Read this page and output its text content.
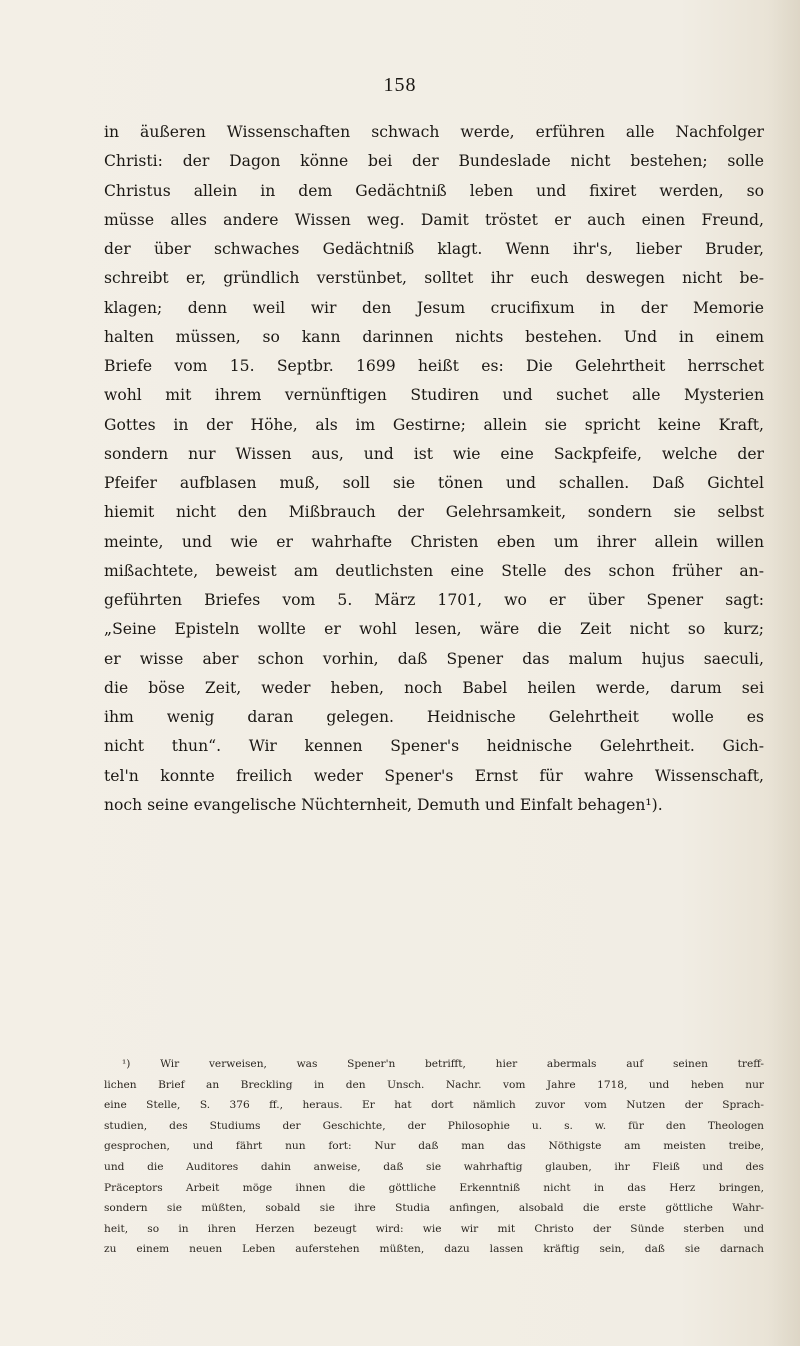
158
in äußeren Wissenschaften schwach werde, erführen alle Nachfolger
Christi: der Dagon könne bei der Bundeslade nicht bestehen; solle
Christus allein in dem Gedächtniß leben und fixiret werden, so
müsse alles andere Wissen weg. Damit tröstet er auch einen Freund,
der über schwaches Gedächtniß klagt. Wenn ihr's, lieber Bruder,
schreibt er, gründlich verstünbet, solltet ihr euch deswegen nicht be-
klagen; denn weil wir den Jesum crucifixum in der Memorie
halten müssen, so kann darinnen nichts bestehen. Und in einem
Briefe vom 15. Septbr. 1699 heißt es: Die Gelehrtheit herrschet
wohl mit ihrem vernünftigen Studiren und suchet alle Mysterien
Gottes in der Höhe, als im Gestirne; allein sie spricht keine Kraft,
sondern nur Wissen aus, und ist wie eine Sackpfeife, welche der
Pfeifer aufblasen muß, soll sie tönen und schallen. Daß Gichtel
hiemit nicht den Mißbrauch der Gelehrsamkeit, sondern sie selbst
meinte, und wie er wahrhafte Christen eben um ihrer allein willen
mißachtete, beweist am deutlichsten eine Stelle des schon früher an-
geführten Briefes vom 5. März 1701, wo er über Spener sagt:
„Seine Episteln wollte er wohl lesen, wäre die Zeit nicht so kurz;
er wisse aber schon vorhin, daß Spener das malum hujus saeculi,
die böse Zeit, weder heben, noch Babel heilen werde, darum sei
ihm wenig daran gelegen. Heidnische Gelehrtheit wolle es
nicht thun“. Wir kennen Spener's heidnische Gelehrtheit. Gich-
tel'n konnte freilich weder Spener's Ernst für wahre Wissenschaft,
noch seine evangelische Nüchternheit, Demuth und Einfalt behagen¹).
¹) Wir verweisen, was Spener'n betrifft, hier abermals auf seinen treff-
lichen Brief an Breckling in den Unsch. Nachr. vom Jahre 1718, und heben nur
eine Stelle, S. 376 ff., heraus. Er hat dort nämlich zuvor vom Nutzen der Sprach-
studien, des Studiums der Geschichte, der Philosophie u. s. w. für den Theologen
gesprochen, und fährt nun fort: Nur daß man das Nöthigste am meisten treibe,
und die Auditores dahin anweise, daß sie wahrhaftig glauben, ihr Fleiß und des
Präceptors Arbeit möge ihnen die göttliche Erkenntniß nicht in das Herz bringen,
sondern sie müßten, sobald sie ihre Studia anfingen, alsobald die erste göttliche Wahr-
heit, so in ihren Herzen bezeugt wird: wie wir mit Christo der Sünde sterben und
zu einem neuen Leben auferstehen müßten, dazu lassen kräftig sein, daß sie darnach
